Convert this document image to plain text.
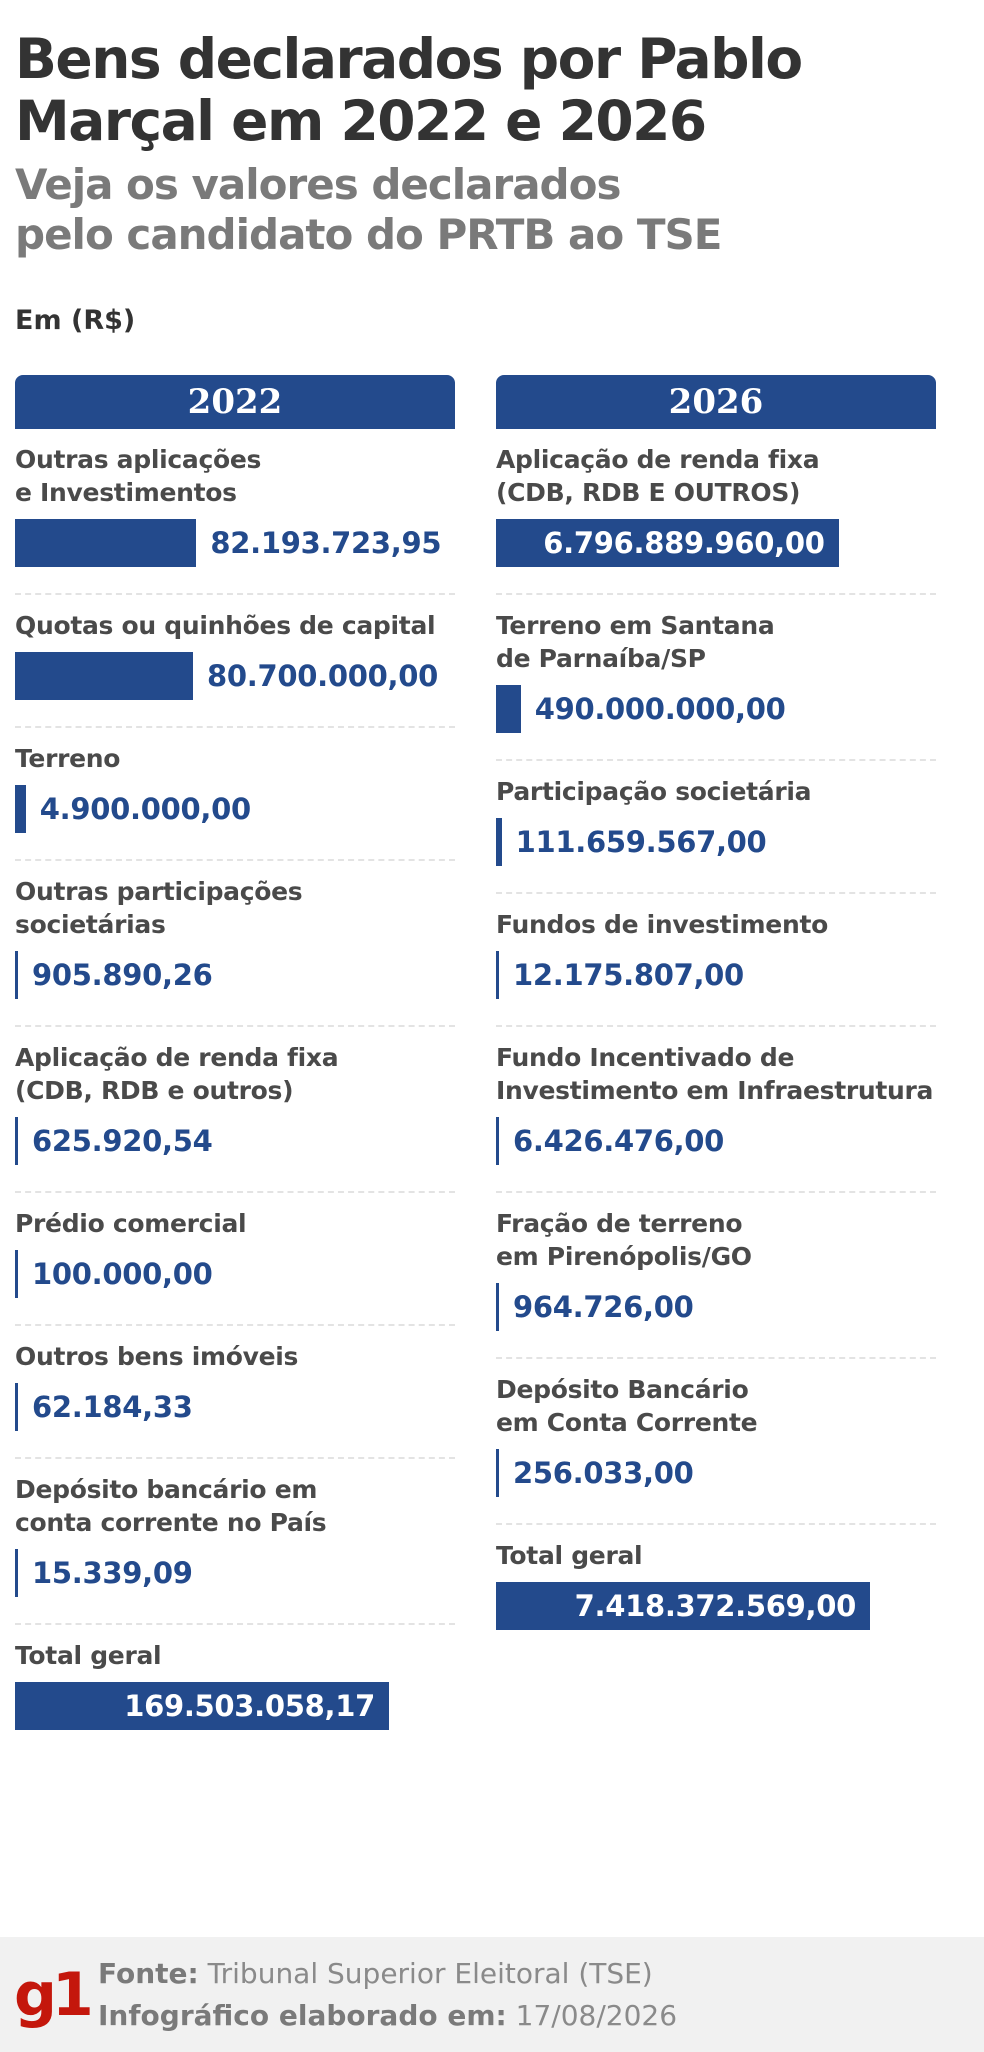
Bens declarados por Pablo Marçal em 2022 e 2026
Veja os valores declarados
pelo candidato do PRTB ao TSE
Em (R$)
2022
Outras aplicações
e Investimentos
82.193.723,95
Quotas ou quinhões de capital
80.700.000,00
Terreno
4.900.000,00
Outras participações societárias
905.890,26
Aplicação de renda fixa
(CDB, RDB e outros)
625.920,54
Prédio comercial
100.000,00
Outros bens imóveis
62.184,33
Depósito bancário em
conta corrente no País
15.339,09
Total geral
169.503.058,17
2026
Aplicação de renda fixa
(CDB, RDB E OUTROS)
6.796.889.960,00
Terreno em Santana
de Parnaíba/SP
490.000.000,00
Participação societária
111.659.567,00
Fundos de investimento
12.175.807,00
Fundo Incentivado de
Investimento em Infraestrutura
6.426.476,00
Fração de terreno
em Pirenópolis/GO
964.726,00
Depósito Bancário
em Conta Corrente
256.033,00
Total geral
7.418.372.569,00
g1 Fonte: Tribunal Superior Eleitoral (TSE)
Infográfico elaborado em: 17/08/2026
